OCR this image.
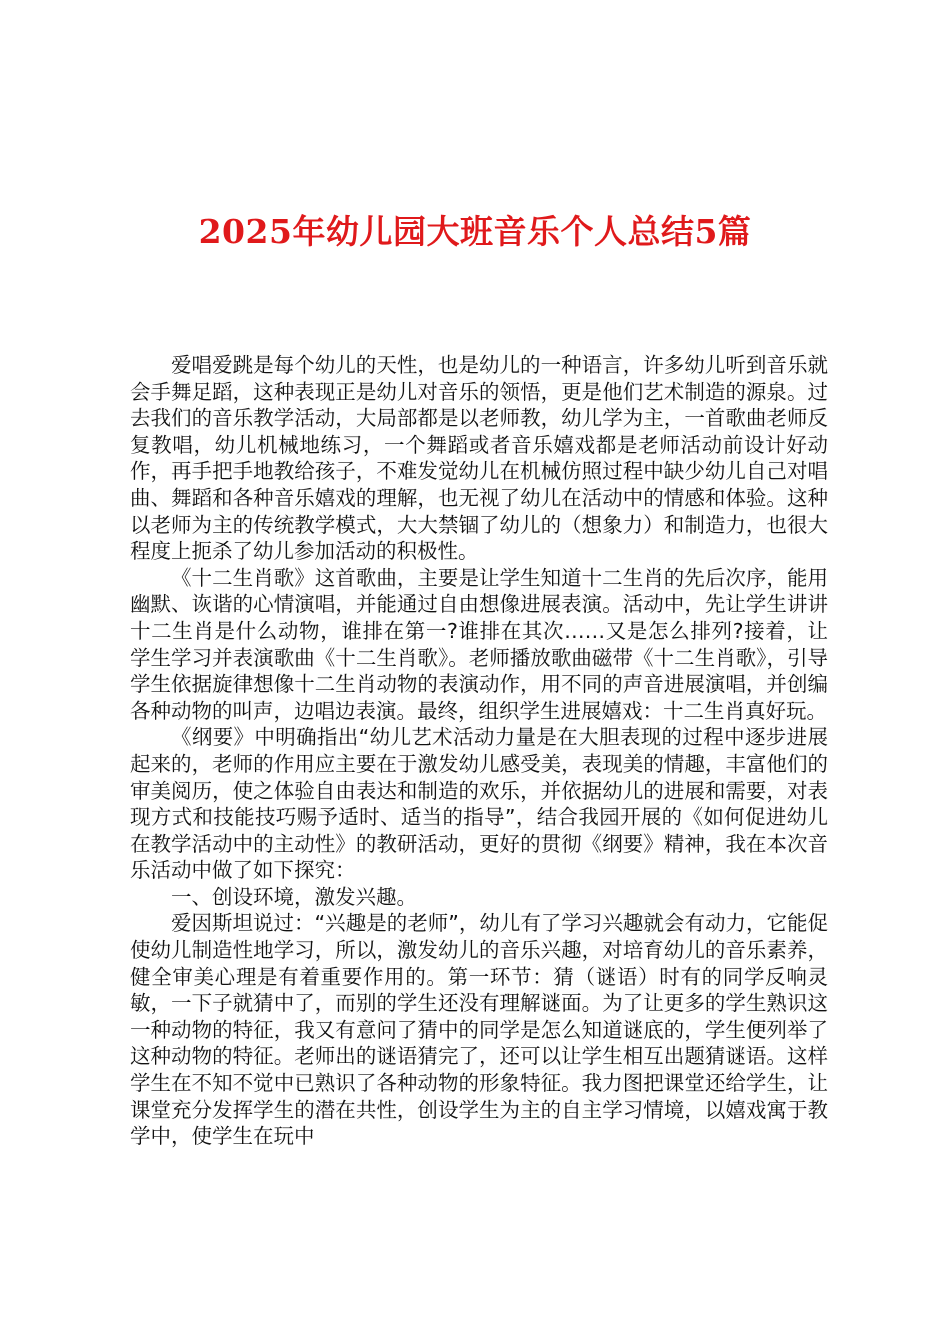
2025年幼儿园大班音乐个人总结5篇

爱唱爱跳是每个幼儿的天性，也是幼儿的一种语言，许多幼儿听到音乐就会手舞足蹈，这种表现正是幼儿对音乐的领悟，更是他们艺术制造的源泉。过去我们的音乐教学活动，大局部都是以老师教，幼儿学为主，一首歌曲老师反复教唱，幼儿机械地练习，一个舞蹈或者音乐嬉戏都是老师活动前设计好动作，再手把手地教给孩子，不难发觉幼儿在机械仿照过程中缺少幼儿自己对唱曲、舞蹈和各种音乐嬉戏的理解，也无视了幼儿在活动中的情感和体验。这种以老师为主的传统教学模式，大大禁锢了幼儿的（想象力）和制造力，也很大程度上扼杀了幼儿参加活动的积极性。

《十二生肖歌》这首歌曲，主要是让学生知道十二生肖的先后次序，能用幽默、诙谐的心情演唱，并能通过自由想像进展表演。活动中，先让学生讲讲十二生肖是什么动物，谁排在第一?谁排在其次……又是怎么排列?接着，让学生学习并表演歌曲《十二生肖歌》。老师播放歌曲磁带《十二生肖歌》，引导学生依据旋律想像十二生肖动物的表演动作，用不同的声音进展演唱，并创编各种动物的叫声，边唱边表演。最终，组织学生进展嬉戏：十二生肖真好玩。

《纲要》中明确指出“幼儿艺术活动力量是在大胆表现的过程中逐步进展起来的，老师的作用应主要在于激发幼儿感受美，表现美的情趣，丰富他们的审美阅历，使之体验自由表达和制造的欢乐，并依据幼儿的进展和需要，对表现方式和技能技巧赐予适时、适当的指导”，结合我园开展的《如何促进幼儿在教学活动中的主动性》的教研活动，更好的贯彻《纲要》精神，我在本次音乐活动中做了如下探究：

一、创设环境，激发兴趣。

爱因斯坦说过：“兴趣是的老师”，幼儿有了学习兴趣就会有动力，它能促使幼儿制造性地学习，所以，激发幼儿的音乐兴趣，对培育幼儿的音乐素养，健全审美心理是有着重要作用的。第一环节：猜（谜语）时有的同学反响灵敏，一下子就猜中了，而别的学生还没有理解谜面。为了让更多的学生熟识这一种动物的特征，我又有意问了猜中的同学是怎么知道谜底的，学生便列举了这种动物的特征。老师出的谜语猜完了，还可以让学生相互出题猜谜语。这样学生在不知不觉中已熟识了各种动物的形象特征。我力图把课堂还给学生，让课堂充分发挥学生的潜在共性，创设学生为主的自主学习情境，以嬉戏寓于教学中，使学生在玩中
